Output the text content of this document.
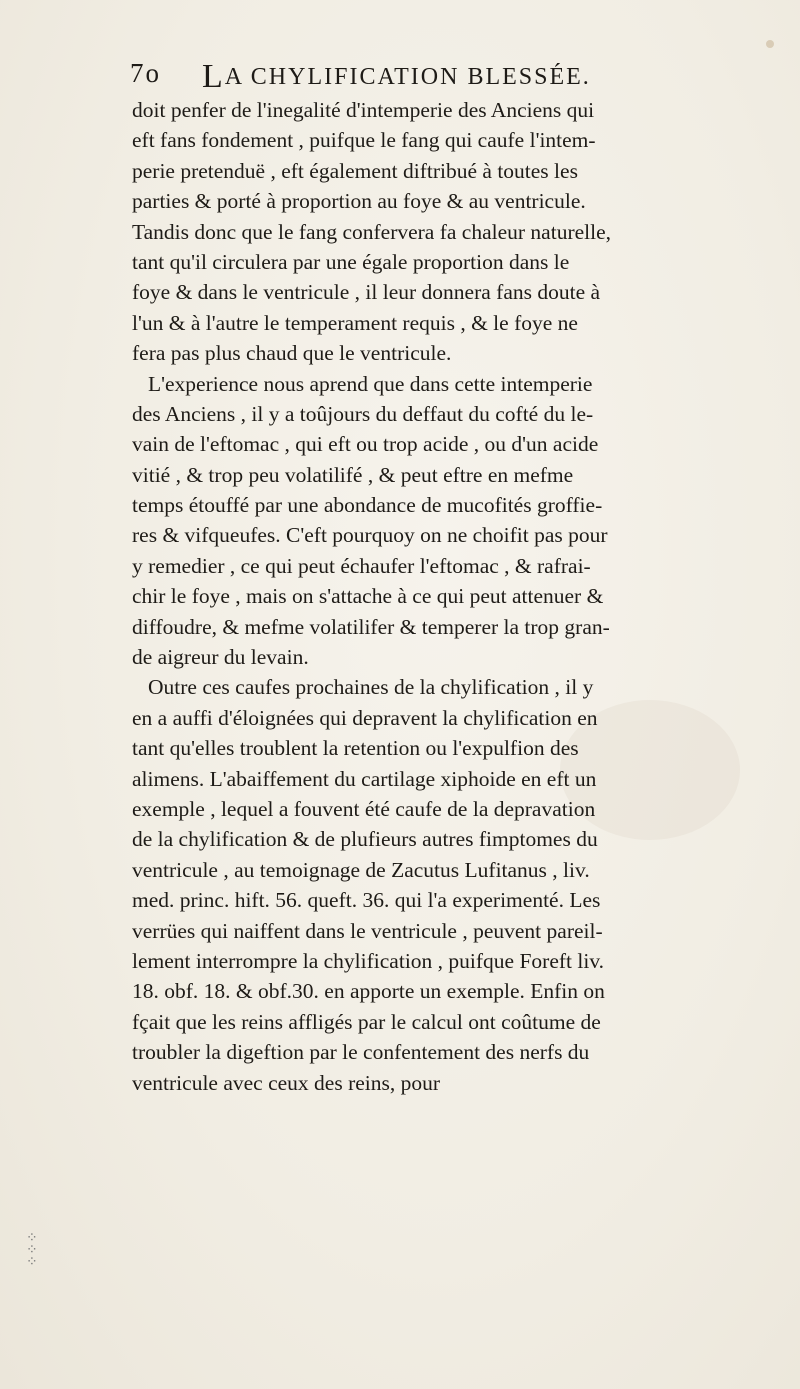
7o LA CHYLIFICATION BLESSÉE.
doit penfer de l'inegalité d'intemperie des Anciens qui
eft fans fondement , puifque le fang qui caufe l'intem-
perie pretenduë , eft également diftribué à toutes les
parties & porté à proportion au foye & au ventricule.
Tandis donc que le fang confervera fa chaleur naturelle,
tant qu'il circulera par une égale proportion dans le
foye & dans le ventricule , il leur donnera fans doute à
l'un & à l'autre le temperament requis , & le foye ne
fera pas plus chaud que le ventricule.
L'experience nous aprend que dans cette intemperie
des Anciens , il y a toûjours du deffaut du cofté du le-
vain de l'eftomac , qui eft ou trop acide , ou d'un acide
vitié , & trop peu volatilifé , & peut eftre en mefme
temps étouffé par une abondance de mucofités groffie-
res & vifqueufes. C'eft pourquoy on ne choifit pas pour
y remedier , ce qui peut échaufer l'eftomac , & rafrai-
chir le foye , mais on s'attache à ce qui peut attenuer &
diffoudre, & mefme volatilifer & temperer la trop gran-
de aigreur du levain.
Outre ces caufes prochaines de la chylification , il y
en a auffi d'éloignées qui depravent la chylification en
tant qu'elles troublent la retention ou l'expulfion des
alimens. L'abaiffement du cartilage xiphoide en eft un
exemple , lequel a fouvent été caufe de la depravation
de la chylification & de plufieurs autres fimptomes du
ventricule , au temoignage de Zacutus Lufitanus , liv.
med. princ. hift. 56. queft. 36. qui l'a experimenté. Les
verrües qui naiffent dans le ventricule , peuvent pareil-
lement interrompre la chylification , puifque Foreft liv.
18. obf. 18. & obf.30. en apporte un exemple. Enfin on
fçait que les reins affligés par le calcul ont coûtume de
troubler la digeftion par le confentement des nerfs du
ventricule avec ceux des reins, pour
⁘
⁘
⁘
